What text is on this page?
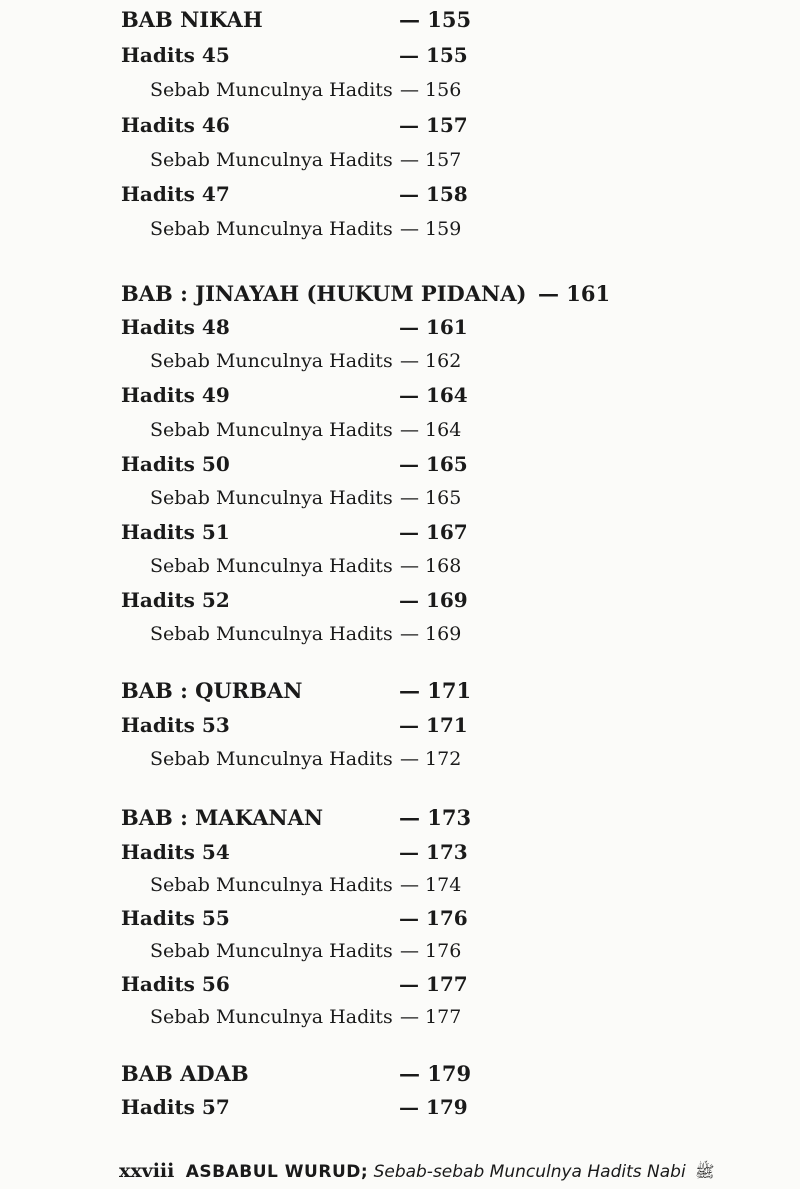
BAB NIKAH	— 155
Hadits 45	— 155
Sebab Munculnya Hadits — 156
Hadits 46	— 157
Sebab Munculnya Hadits — 157
Hadits 47	— 158
Sebab Munculnya Hadits — 159
BAB : JINAYAH (HUKUM PIDANA) — 161
Hadits 48	— 161
Sebab Munculnya Hadits — 162
Hadits 49	— 164
Sebab Munculnya Hadits — 164
Hadits 50	— 165
Sebab Munculnya Hadits — 165
Hadits 51	— 167
Sebab Munculnya Hadits — 168
Hadits 52	— 169
Sebab Munculnya Hadits — 169
BAB : QURBAN	— 171
Hadits 53	— 171
Sebab Munculnya Hadits — 172
BAB : MAKANAN	— 173
Hadits 54	— 173
Sebab Munculnya Hadits — 174
Hadits 55	— 176
Sebab Munculnya Hadits — 176
Hadits 56	— 177
Sebab Munculnya Hadits — 177
BAB ADAB	— 179
Hadits 57	— 179
xxviii ASBABUL WURUD; Sebab-sebab Munculnya Hadits Nabi ﷺ
